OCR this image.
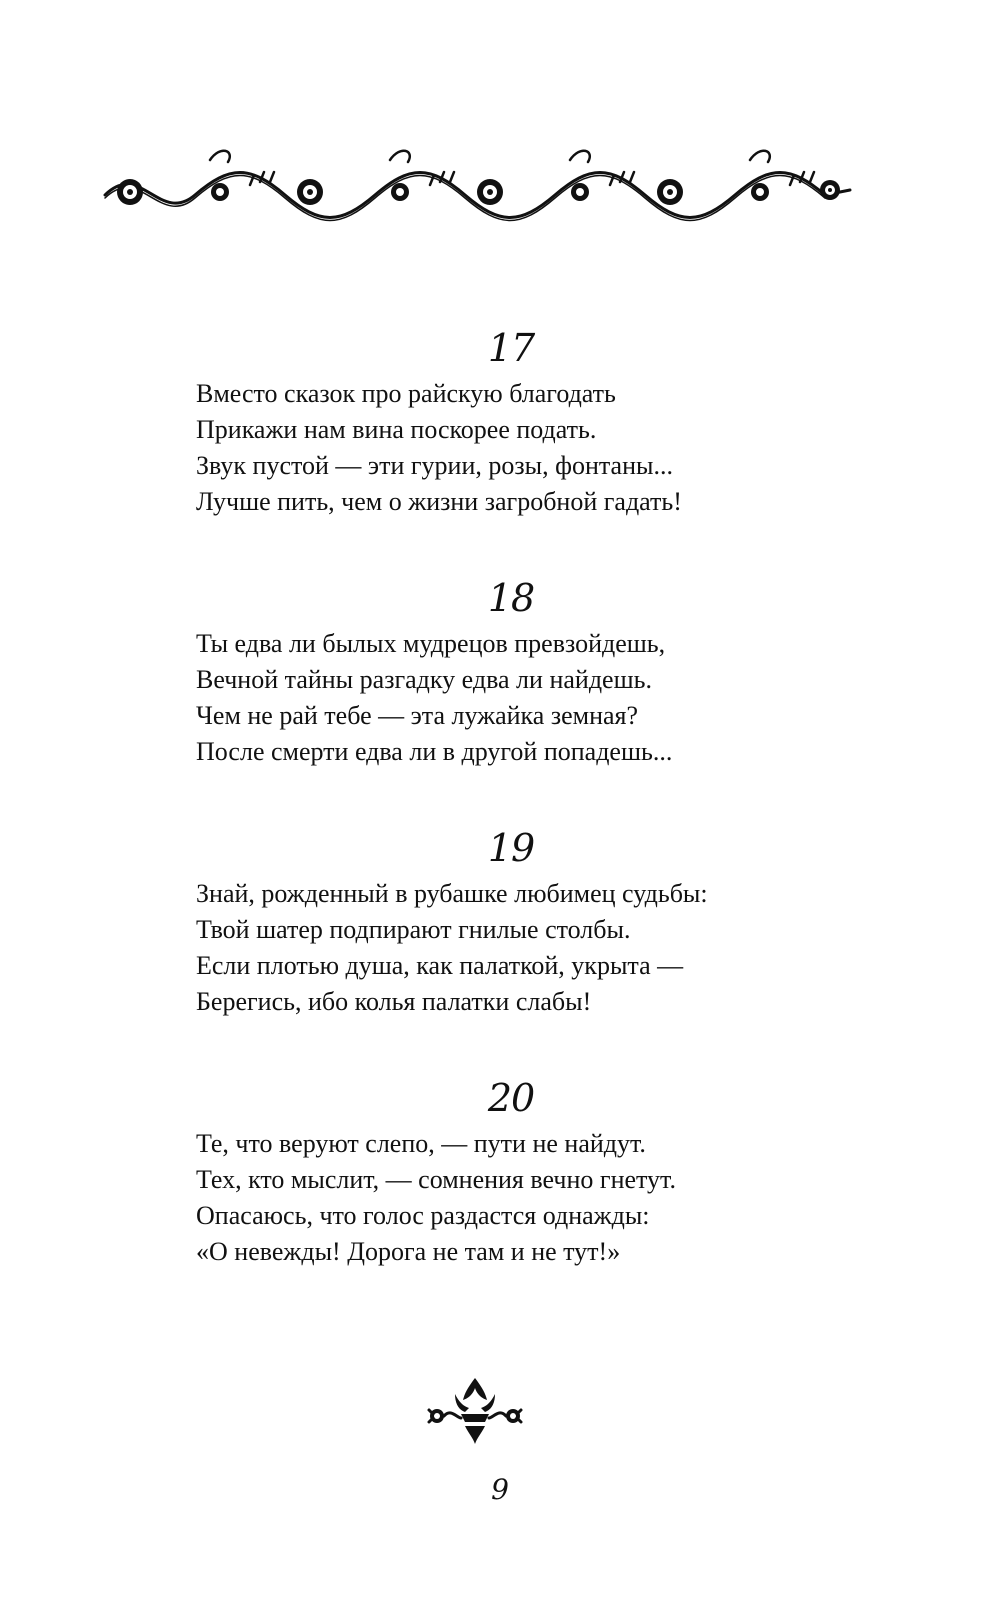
17

Вместо сказок про райскую благодать

Прикажи нам вина поскорее подать.

Звук пустой — эти гурии, розы, фонтаны...

Лучше пить, чем о жизни загробной гадать!

18

Ты едва ли былых мудрецов превзойдешь,

Вечной тайны разгадку едва ли найдешь.

Чем не рай тебе — эта лужайка земная?

После смерти едва ли в другой попадешь...

19

Знай, рожденный в рубашке любимец судьбы:

Твой шатер подпирают гнилые столбы.

Если плотью душа, как палаткой, укрыта —

Берегись, ибо колья палатки слабы!

20

Те, что веруют слепо, — пути не найдут.

Тех, кто мыслит, — сомнения вечно гнетут.

Опасаюсь, что голос раздастся однажды:

«О невежды! Дорога не там и не тут!»

9
